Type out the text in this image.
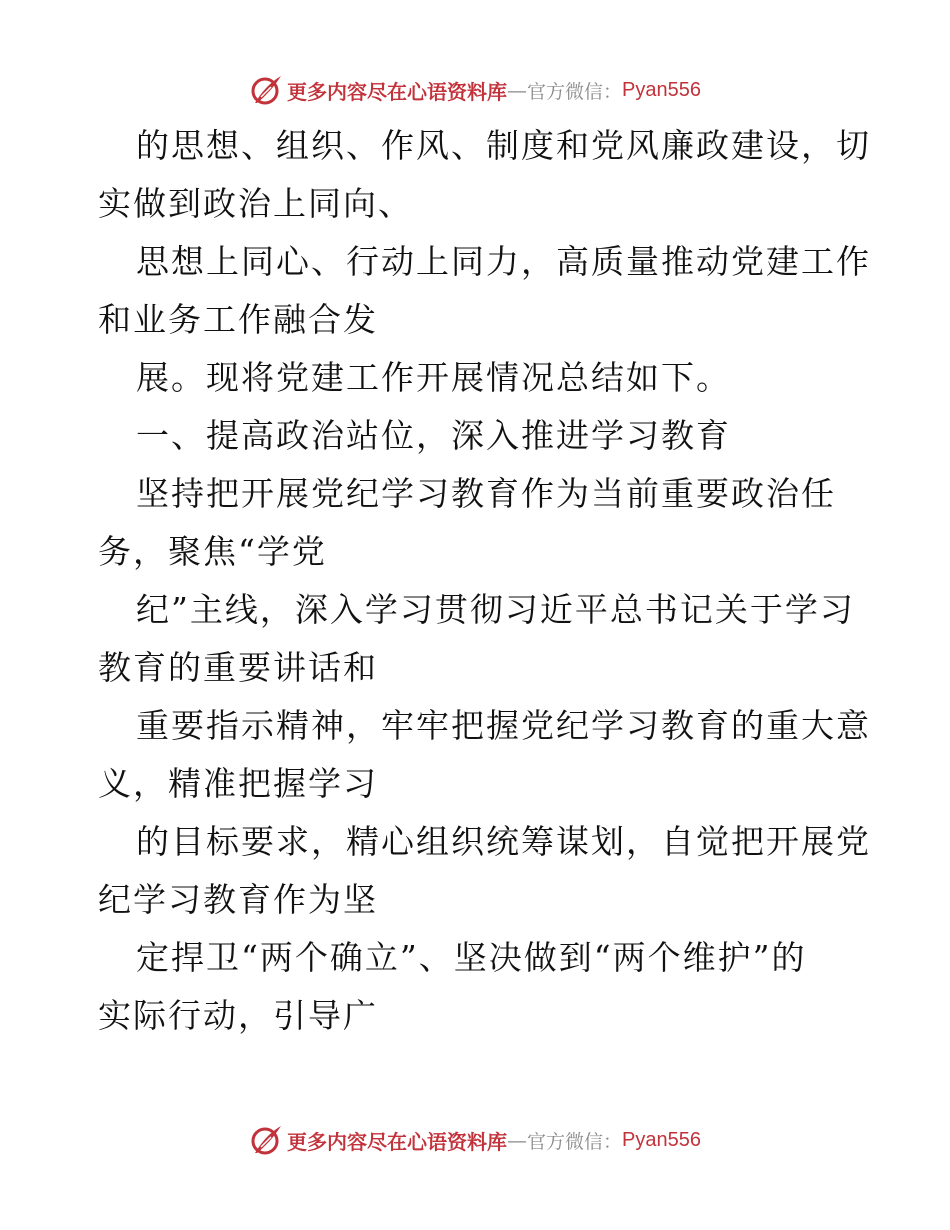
更多内容尽在心语资料库 — 官方微信： Pyan556
的思想、组织、作风、制度和党风廉政建设，切
实做到政治上同向、
思想上同心、行动上同力，高质量推动党建工作
和业务工作融合发
展。现将党建工作开展情况总结如下。
一、提高政治站位，深入推进学习教育
坚持把开展党纪学习教育作为当前重要政治任
务，聚焦“学党
纪”主线，深入学习贯彻习近平总书记关于学习
教育的重要讲话和
重要指示精神，牢牢把握党纪学习教育的重大意
义，精准把握学习
的目标要求，精心组织统筹谋划，自觉把开展党
纪学习教育作为坚
定捍卫“两个确立”、坚决做到“两个维护”的
实际行动，引导广
更多内容尽在心语资料库 — 官方微信： Pyan556
